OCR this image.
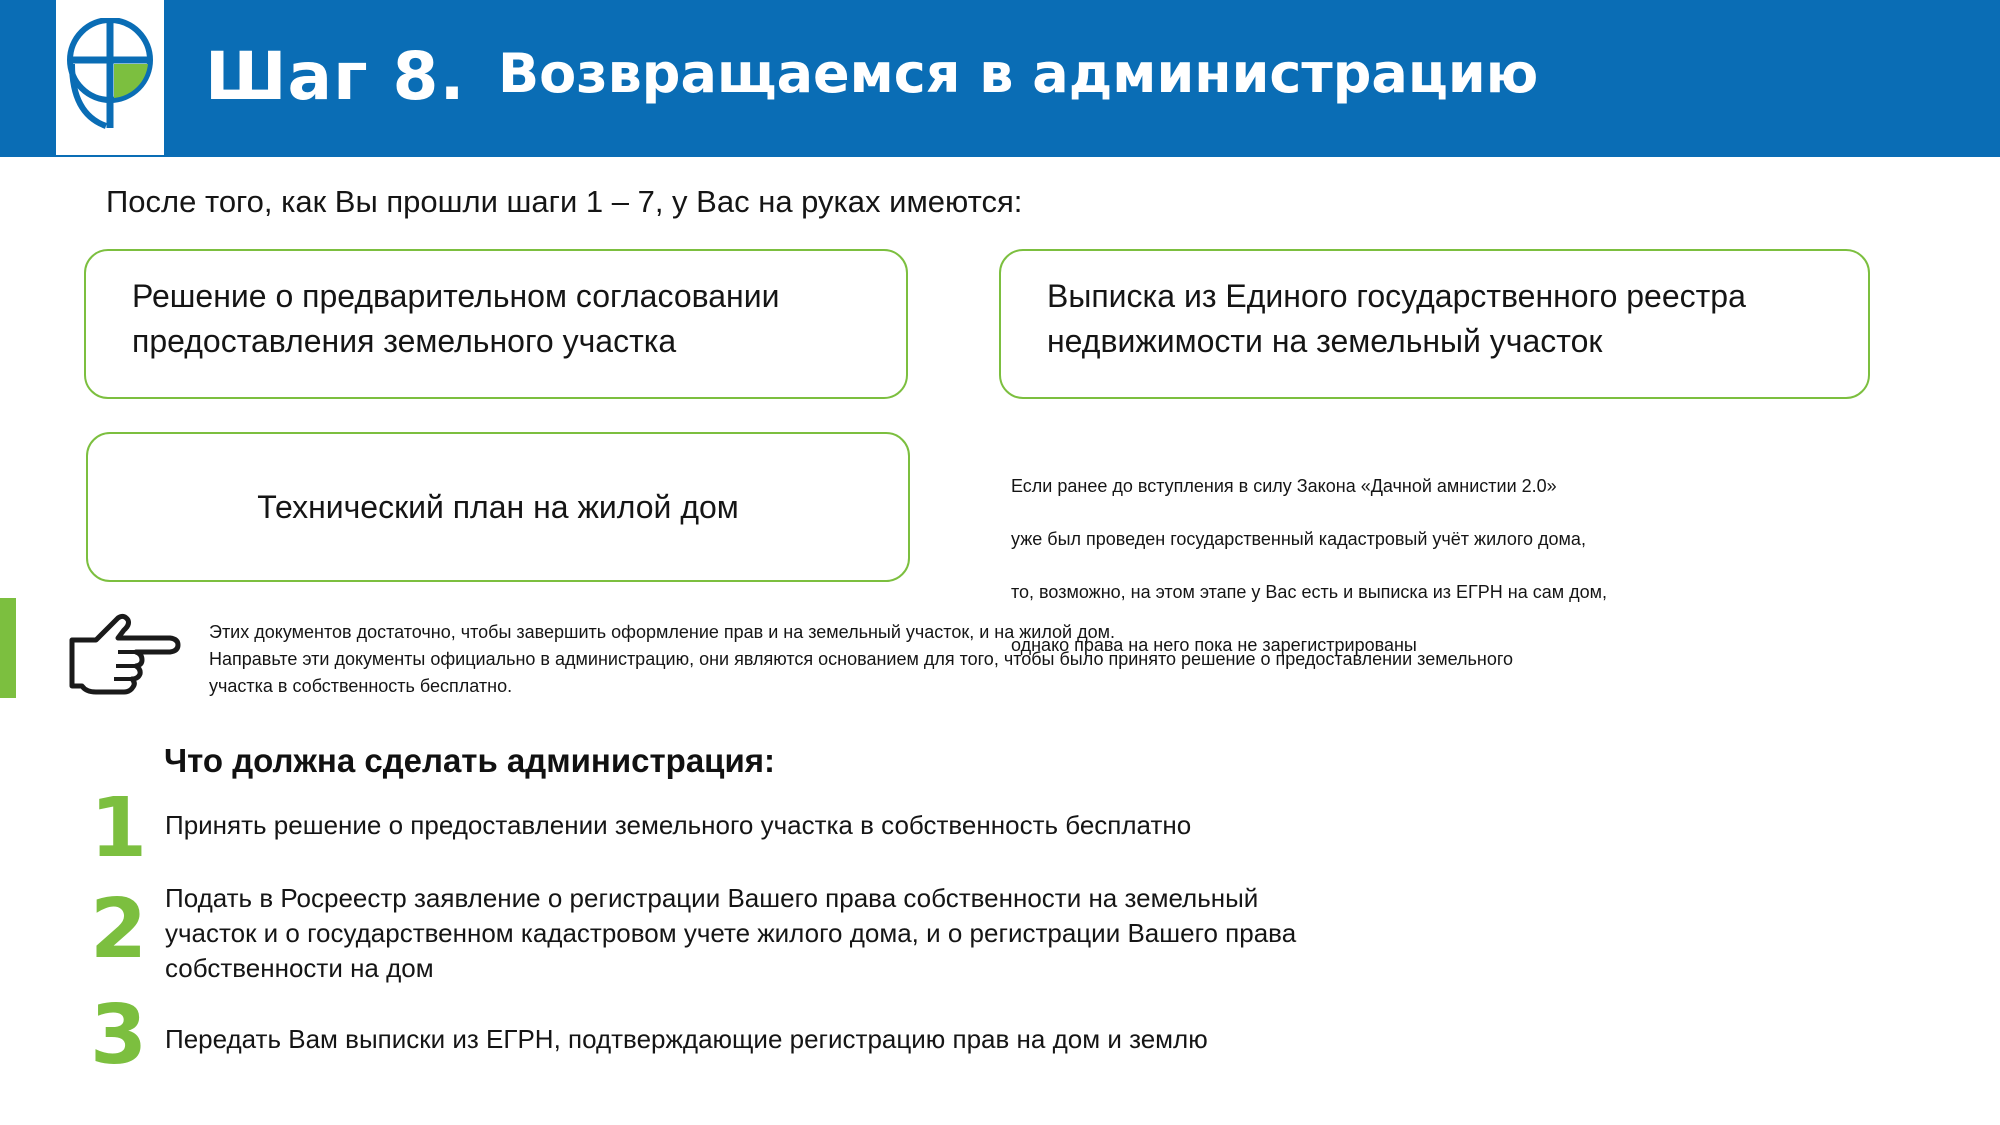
Шаг 8. Возвращаемся в администрацию
После того, как Вы прошли шаги 1 – 7, у Вас на руках имеются:
Решение о предварительном согласовании
предоставления земельного участка
Выписка из Единого государственного реестра
недвижимости на земельный участок
Технический план на жилой дом

Если ранее до вступления в силу Закона «Дачной амнистии 2.0»

уже был проведен государственный кадастровый учёт жилого дома,

то, возможно, на этом этапе у Вас есть и выписка из ЕГРН на сам дом,

однако права на него пока не зарегистрированы

Этих документов достаточно, чтобы завершить оформление прав и на земельный участок, и на жилой дом.

Направьте эти документы официально в администрацию, они являются основанием для того, чтобы было принято решение о предоставлении земельного

участка в собственность бесплатно.

Что должна сделать администрация:
1 Принять решение о предоставлении земельного участка в собственность бесплатно

2 Подать в Росреестр заявление о регистрации Вашего права собственности на земельный

участок и о государственном кадастровом учете жилого дома, и о регистрации Вашего права

собственности на дом

3 Передать Вам выписки из ЕГРН, подтверждающие регистрацию прав на дом и землю
